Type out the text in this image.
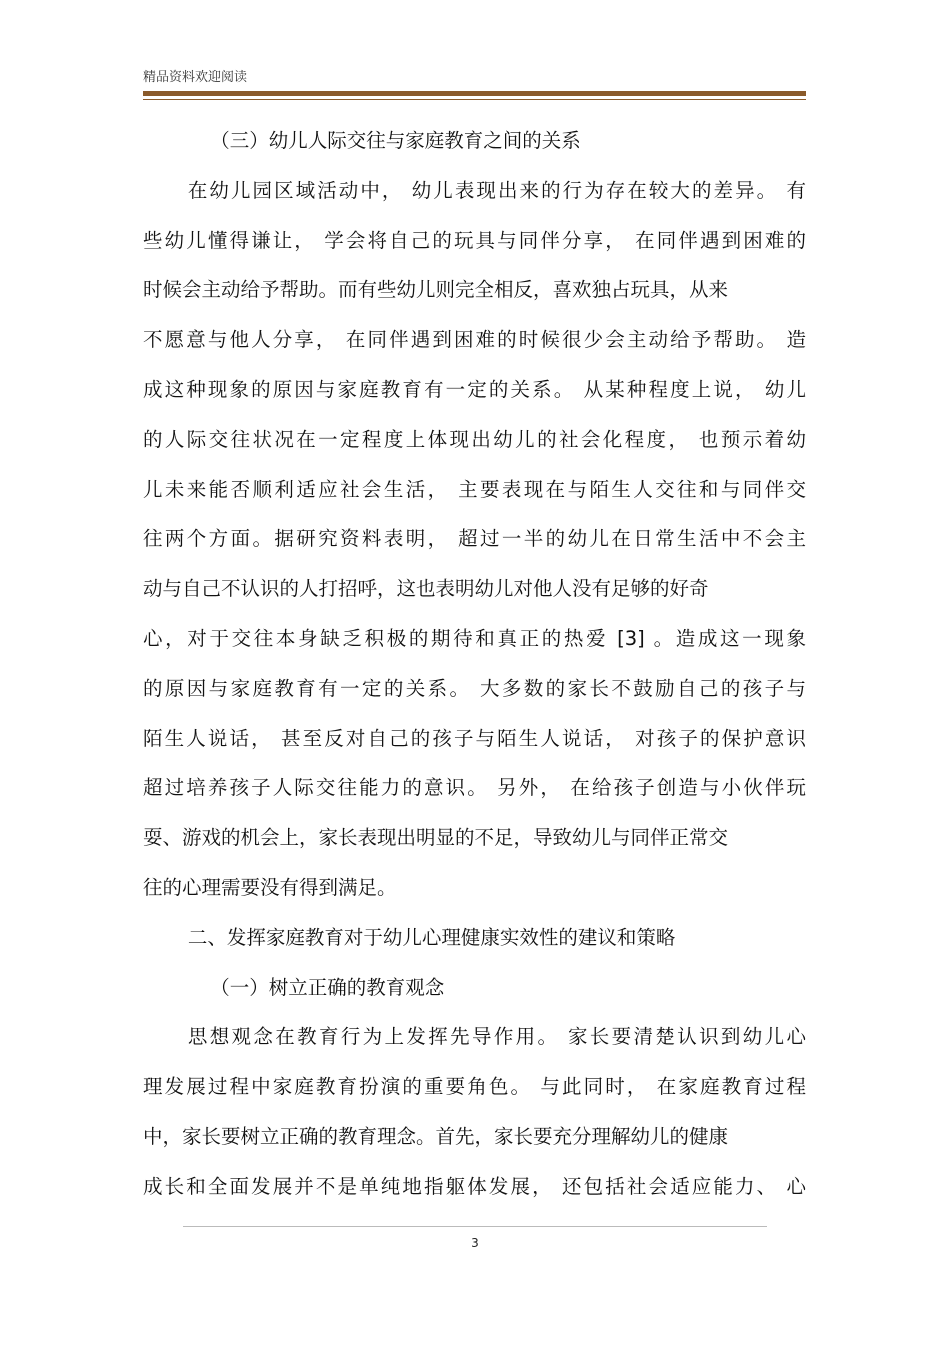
精品资料欢迎阅读
（三）幼儿人际交往与家庭教育之间的关系
在幼儿园区域活动中， 幼儿表现出来的行为存在较大的差异。 有
些幼儿懂得谦让， 学会将自己的玩具与同伴分享， 在同伴遇到困难的
时候会主动给予帮助。而有些幼儿则完全相反，喜欢独占玩具，从来
不愿意与他人分享， 在同伴遇到困难的时候很少会主动给予帮助。 造
成这种现象的原因与家庭教育有一定的关系。 从某种程度上说， 幼儿
的人际交往状况在一定程度上体现出幼儿的社会化程度， 也预示着幼
儿未来能否顺利适应社会生活， 主要表现在与陌生人交往和与同伴交
往两个方面。据研究资料表明， 超过一半的幼儿在日常生活中不会主
动与自己不认识的人打招呼，这也表明幼儿对他人没有足够的好奇
心，对于交往本身缺乏积极的期待和真正的热爱 [3] 。造成这一现象
的原因与家庭教育有一定的关系。 大多数的家长不鼓励自己的孩子与
陌生人说话， 甚至反对自己的孩子与陌生人说话， 对孩子的保护意识
超过培养孩子人际交往能力的意识。 另外， 在给孩子创造与小伙伴玩
耍、游戏的机会上，家长表现出明显的不足，导致幼儿与同伴正常交
往的心理需要没有得到满足。
二、发挥家庭教育对于幼儿心理健康实效性的建议和策略
（一）树立正确的教育观念
思想观念在教育行为上发挥先导作用。 家长要清楚认识到幼儿心
理发展过程中家庭教育扮演的重要角色。 与此同时， 在家庭教育过程
中，家长要树立正确的教育理念。首先，家长要充分理解幼儿的健康
成长和全面发展并不是单纯地指躯体发展， 还包括社会适应能力、 心
3
